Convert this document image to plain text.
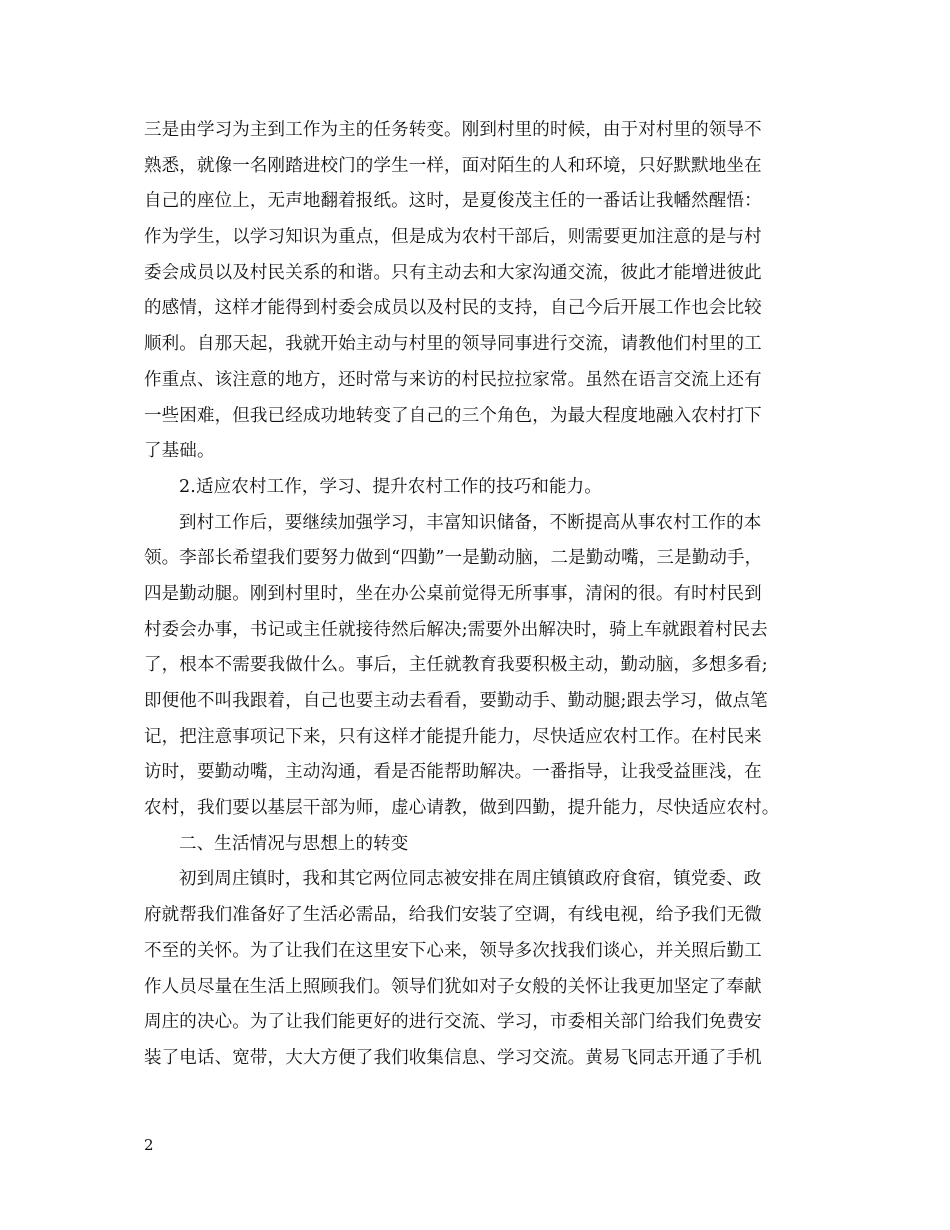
三是由学习为主到工作为主的任务转变。刚到村里的时候，由于对村里的领导不
熟悉，就像一名刚踏进校门的学生一样，面对陌生的人和环境，只好默默地坐在
自己的座位上，无声地翻着报纸。这时，是夏俊茂主任的一番话让我幡然醒悟：
作为学生，以学习知识为重点，但是成为农村干部后，则需要更加注意的是与村
委会成员以及村民关系的和谐。只有主动去和大家沟通交流，彼此才能增进彼此
的感情，这样才能得到村委会成员以及村民的支持，自己今后开展工作也会比较
顺利。自那天起，我就开始主动与村里的领导同事进行交流，请教他们村里的工
作重点、该注意的地方，还时常与来访的村民拉拉家常。虽然在语言交流上还有
一些困难，但我已经成功地转变了自己的三个角色，为最大程度地融入农村打下
了基础。
2.适应农村工作，学习、提升农村工作的技巧和能力。
到村工作后，要继续加强学习，丰富知识储备，不断提高从事农村工作的本
领。李部长希望我们要努力做到“四勤”一是勤动脑，二是勤动嘴，三是勤动手，
四是勤动腿。刚到村里时，坐在办公桌前觉得无所事事，清闲的很。有时村民到
村委会办事，书记或主任就接待然后解决;需要外出解决时，骑上车就跟着村民去
了，根本不需要我做什么。事后，主任就教育我要积极主动，勤动脑，多想多看;
即便他不叫我跟着，自己也要主动去看看，要勤动手、勤动腿;跟去学习，做点笔
记，把注意事项记下来，只有这样才能提升能力，尽快适应农村工作。在村民来
访时，要勤动嘴，主动沟通，看是否能帮助解决。一番指导，让我受益匪浅，在
农村，我们要以基层干部为师，虚心请教，做到四勤，提升能力，尽快适应农村。
二、生活情况与思想上的转变
初到周庄镇时，我和其它两位同志被安排在周庄镇镇政府食宿，镇党委、政
府就帮我们准备好了生活必需品，给我们安装了空调，有线电视，给予我们无微
不至的关怀。为了让我们在这里安下心来，领导多次找我们谈心，并关照后勤工
作人员尽量在生活上照顾我们。领导们犹如对子女般的关怀让我更加坚定了奉献
周庄的决心。为了让我们能更好的进行交流、学习，市委相关部门给我们免费安
装了电话、宽带，大大方便了我们收集信息、学习交流。黄易飞同志开通了手机
2
